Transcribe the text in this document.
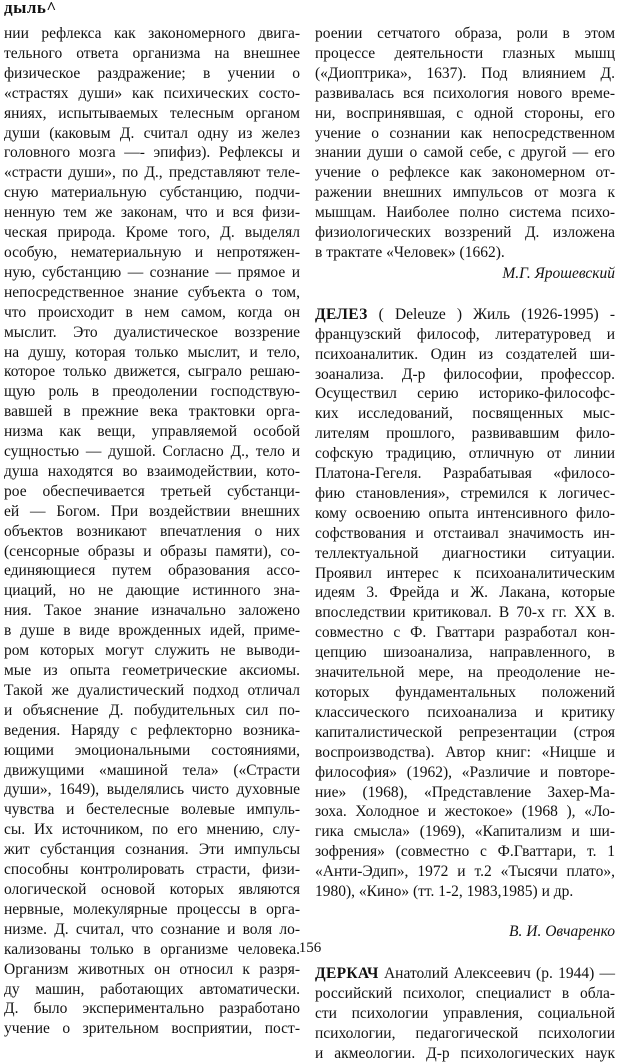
дыль^
нии рефлекса как закономерного двига-
тельного ответа организма на внешнее
физическое раздражение; в учении о
«страстях души» как психических состо-
яниях, испытываемых телесным органом
души (каковым Д. считал одну из желез
головного мозга —- эпифиз). Рефлексы и
«страсти души», по Д., представляют теле-
сную материальную субстанцию, подчи-
ненную тем же законам, что и вся физи-
ческая природа. Кроме того, Д. выделял
особую, нематериальную и непротяжен-
ную, субстанцию — сознание — прямое и
непосредственное знание субъекта о том,
что происходит в нем самом, когда он
мыслит. Это дуалистическое воззрение
на душу, которая только мыслит, и тело,
которое только движется, сыграло решаю-
щую роль в преодолении господствую-
вавшей в прежние века трактовки орга-
низма как вещи, управляемой особой
сущностью — душой. Согласно Д., тело и
душа находятся во взаимодействии, кото-
рое обеспечивается третьей субстанци-
ей — Богом. При воздействии внешних
объектов возникают впечатления о них
(сенсорные образы и образы памяти), со-
единяющиеся путем образования ассо-
циаций, но не дающие истинного зна-
ния. Такое знание изначально заложено
в душе в виде врожденных идей, приме-
ром которых могут служить не выводи-
мые из опыта геометрические аксиомы.
Такой же дуалистический подход отличал
и объяснение Д. побудительных сил по-
ведения. Наряду с рефлекторно возника-
ющими эмоциональными состояниями,
движущими «машиной тела» («Страсти
души», 1649), выделялись чисто духовные
чувства и бестелесные волевые импуль-
сы. Их источником, по его мнению, слу-
жит субстанция сознания. Эти импульсы
способны контролировать страсти, физи-
ологической основой которых являются
нервные, молекулярные процессы в орга-
низме. Д. считал, что сознание и воля ло-
кализованы только в организме человека.
Организм животных он относил к разря-
ду машин, работающих автоматически.
Д. было экспериментально разработано
учение о зрительном восприятии, пост-
роении сетчатого образа, роли в этом
процессе деятельности глазных мышц
(«Диоптрика», 1637). Под влиянием Д.
развивалась вся психология нового време-
ни, воспринявшая, с одной стороны, его
учение о сознании как непосредственном
знании души о самой себе, с другой — его
учение о рефлексе как закономерном от-
ражении внешних импульсов от мозга к
мышцам. Наиболее полно система психо-
физиологических воззрений Д. изложена
в трактате «Человек» (1662).
М.Г. Ярошевский
ДЕЛЕЗ ( Deleuze ) Жиль (1926-1995) -
французский философ, литературовед и
психоаналитик. Один из создателей ши-
зоанализа. Д-р философии, профессор.
Осуществил серию историко-философс-
ких исследований, посвященных мыс-
лителям прошлого, развивавшим фило-
софскую традицию, отличную от линии
Платона-Гегеля. Разрабатывая «филосо-
фию становления», стремился к логичес-
кому освоению опыта интенсивного фило-
софствования и отстаивал значимость ин-
теллектуальной диагностики ситуации.
Проявил интерес к психоаналитическим
идеям 3. Фрейда и Ж. Лакана, которые
впоследствии критиковал. В 70-х гг. XX в.
совместно с Ф. Гваттари разработал кон-
цепцию шизоанализа, направленного, в
значительной мере, на преодоление не-
которых фундаментальных положений
классического психоанализа и критику
капиталистической репрезентации (строя
воспроизводства). Автор книг: «Ницше и
философия» (1962), «Различие и повторе-
ние» (1968), «Представление Захер-Ма-
зоха. Холодное и жестокое» (1968 ), «Ло-
гика смысла» (1969), «Капитализм и ши-
зофрения» (совместно с Ф.Гваттари, т. 1
«Анти-Эдип», 1972 и т.2 «Тысячи плато»,
1980), «Кино» (тт. 1-2, 1983,1985) и др.
В. И. Овчаренко
ДЕРКАЧ Анатолий Алексеевич (р. 1944) —
российский психолог, специалист в обла-
сти психологии управления, социальной
психологии, педагогической психологии
и акмеологии. Д-р психологических наук
156
